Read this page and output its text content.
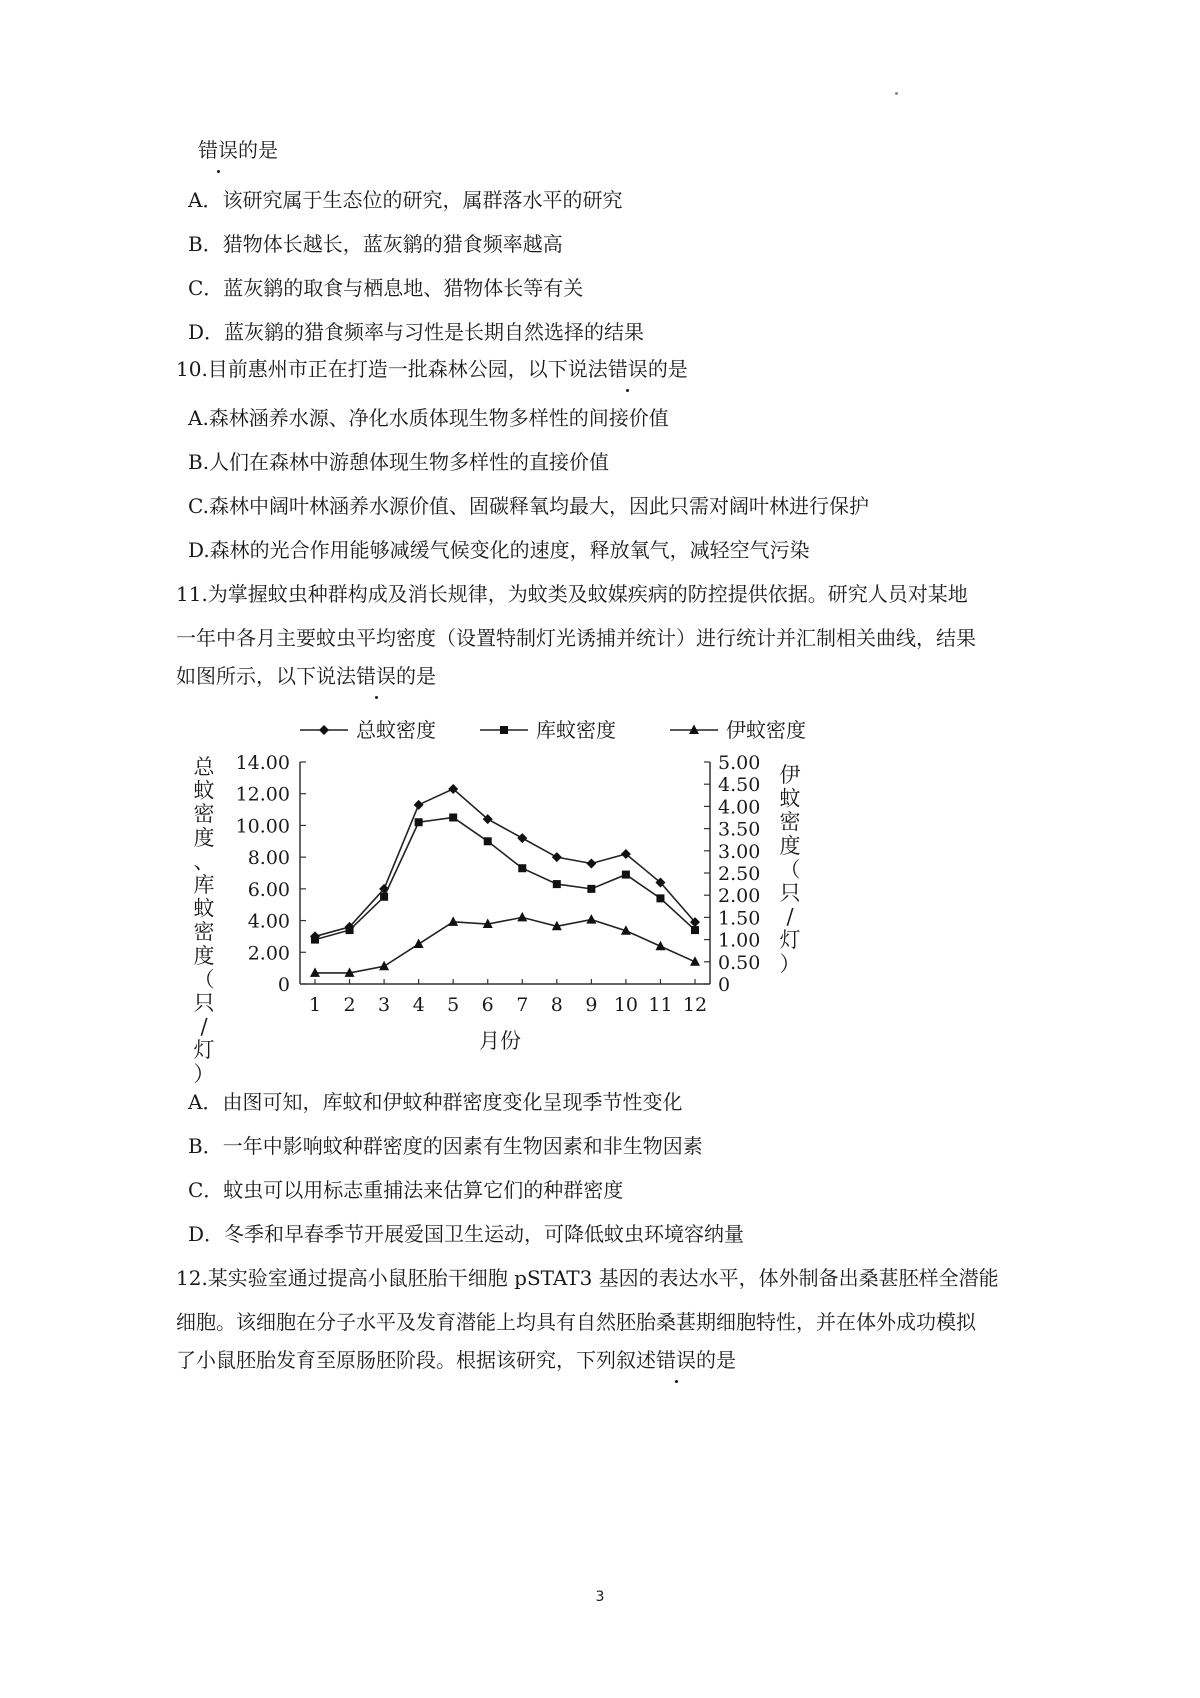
错误的是
A．该研究属于生态位的研究，属群落水平的研究
B．猎物体长越长，蓝灰鹟的猎食频率越高
C．蓝灰鹟的取食与栖息地、猎物体长等有关
D．蓝灰鹟的猎食频率与习性是长期自然选择的结果
10.目前惠州市正在打造一批森林公园，以下说法错误的是
A.森林涵养水源、净化水质体现生物多样性的间接价值
B.人们在森林中游憩体现生物多样性的直接价值
C.森林中阔叶林涵养水源价值、固碳释氧均最大，因此只需对阔叶林进行保护
D.森林的光合作用能够减缓气候变化的速度，释放氧气，减轻空气污染
11.为掌握蚊虫种群构成及消长规律，为蚊类及蚊媒疾病的防控提供依据。研究人员对某地
一年中各月主要蚊虫平均密度（设置特制灯光诱捕并统计）进行统计并汇制相关曲线，结果
如图所示，以下说法错误的是
0
2.00
4.00
6.00
8.00
10.00
12.00
14.00
0
0.50
1.00
1.50
2.00
2.50
3.00
3.50
4.00
4.50
5.00
1 2 3 4 5 6 7 8 9 10 11 12
月份
总蚊密度、库蚊密度（只/灯）
伊蚊密度（只/灯）
总蚊密度	库蚊密度	伊蚊密度
A．由图可知，库蚊和伊蚊种群密度变化呈现季节性变化
B．一年中影响蚊种群密度的因素有生物因素和非生物因素
C．蚊虫可以用标志重捕法来估算它们的种群密度
D．冬季和早春季节开展爱国卫生运动，可降低蚊虫环境容纳量
12.某实验室通过提高小鼠胚胎干细胞 pSTAT3 基因的表达水平，体外制备出桑葚胚样全潜能
细胞。该细胞在分子水平及发育潜能上均具有自然胚胎桑葚期细胞特性，并在体外成功模拟
了小鼠胚胎发育至原肠胚阶段。根据该研究，下列叙述错误的是
3
